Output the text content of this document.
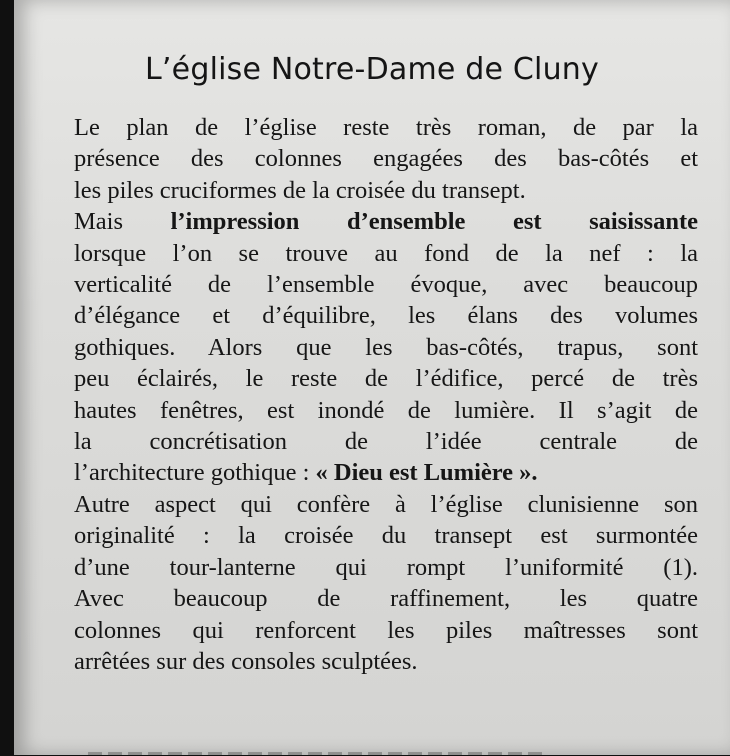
L’église Notre-Dame de Cluny
Le plan de l’église reste très roman, de par la
présence des colonnes engagées des bas-côtés et
les piles cruciformes de la croisée du transept.
Mais l’impression d’ensemble est saisissante
lorsque l’on se trouve au fond de la nef : la
verticalité de l’ensemble évoque, avec beaucoup
d’élégance et d’équilibre, les élans des volumes
gothiques. Alors que les bas-côtés, trapus, sont
peu éclairés, le reste de l’édifice, percé de très
hautes fenêtres, est inondé de lumière. Il s’agit de
la concrétisation de l’idée centrale de
l’architecture gothique : « Dieu est Lumière ».
Autre aspect qui confère à l’église clunisienne son
originalité : la croisée du transept est surmontée
d’une tour-lanterne qui rompt l’uniformité (1).
Avec beaucoup de raffinement, les quatre
colonnes qui renforcent les piles maîtresses sont
arrêtées sur des consoles sculptées.
